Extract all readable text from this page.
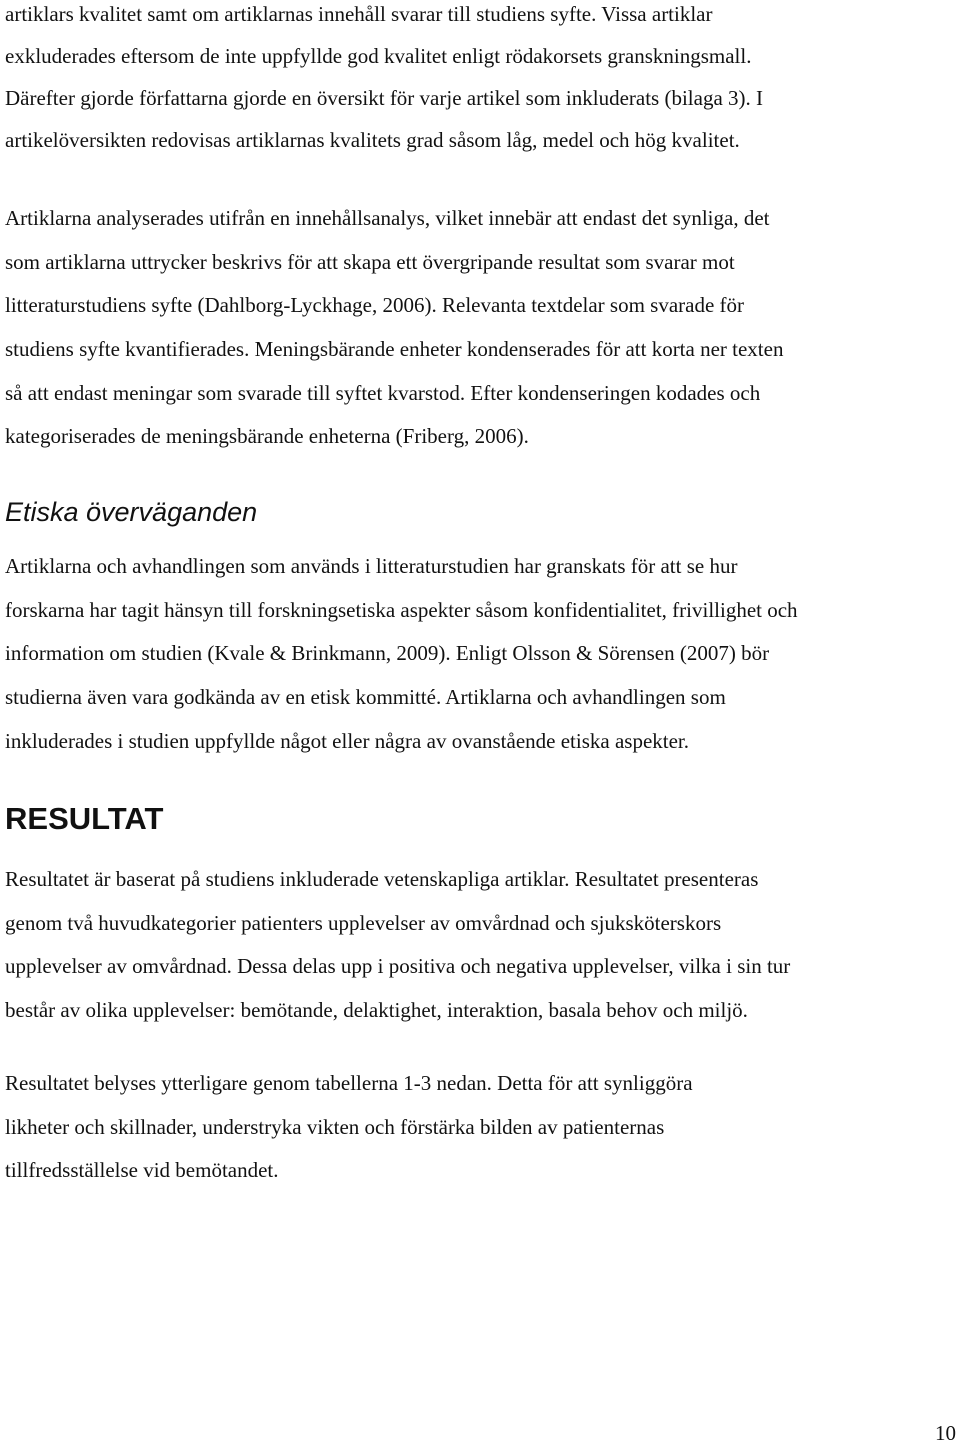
artiklars kvalitet samt om artiklarnas innehåll svarar till studiens syfte. Vissa artiklar
exkluderades eftersom de inte uppfyllde god kvalitet enligt rödakorsets granskningsmall.
Därefter gjorde författarna gjorde en översikt för varje artikel som inkluderats (bilaga 3). I
artikelöversikten redovisas artiklarnas kvalitets grad såsom låg, medel och hög kvalitet.

Artiklarna analyserades utifrån en innehållsanalys, vilket innebär att endast det synliga, det
som artiklarna uttrycker beskrivs för att skapa ett övergripande resultat som svarar mot
litteraturstudiens syfte (Dahlborg-Lyckhage, 2006). Relevanta textdelar som svarade för
studiens syfte kvantifierades. Meningsbärande enheter kondenserades för att korta ner texten
så att endast meningar som svarade till syftet kvarstod. Efter kondenseringen kodades och
kategoriserades de meningsbärande enheterna (Friberg, 2006).

Etiska överväganden

Artiklarna och avhandlingen som används i litteraturstudien har granskats för att se hur
forskarna har tagit hänsyn till forskningsetiska aspekter såsom konfidentialitet, frivillighet och
information om studien (Kvale & Brinkmann, 2009). Enligt Olsson & Sörensen (2007) bör
studierna även vara godkända av en etisk kommitté. Artiklarna och avhandlingen som
inkluderades i studien uppfyllde något eller några av ovanstående etiska aspekter.

RESULTAT

Resultatet är baserat på studiens inkluderade vetenskapliga artiklar. Resultatet presenteras
genom två huvudkategorier patienters upplevelser av omvårdnad och sjuksköterskors
upplevelser av omvårdnad. Dessa delas upp i positiva och negativa upplevelser, vilka i sin tur
består av olika upplevelser: bemötande, delaktighet, interaktion, basala behov och miljö.

Resultatet belyses ytterligare genom tabellerna 1-3 nedan. Detta för att synliggöra
likheter och skillnader, understryka vikten och förstärka bilden av patienternas
tillfredsställelse vid bemötandet.

10
